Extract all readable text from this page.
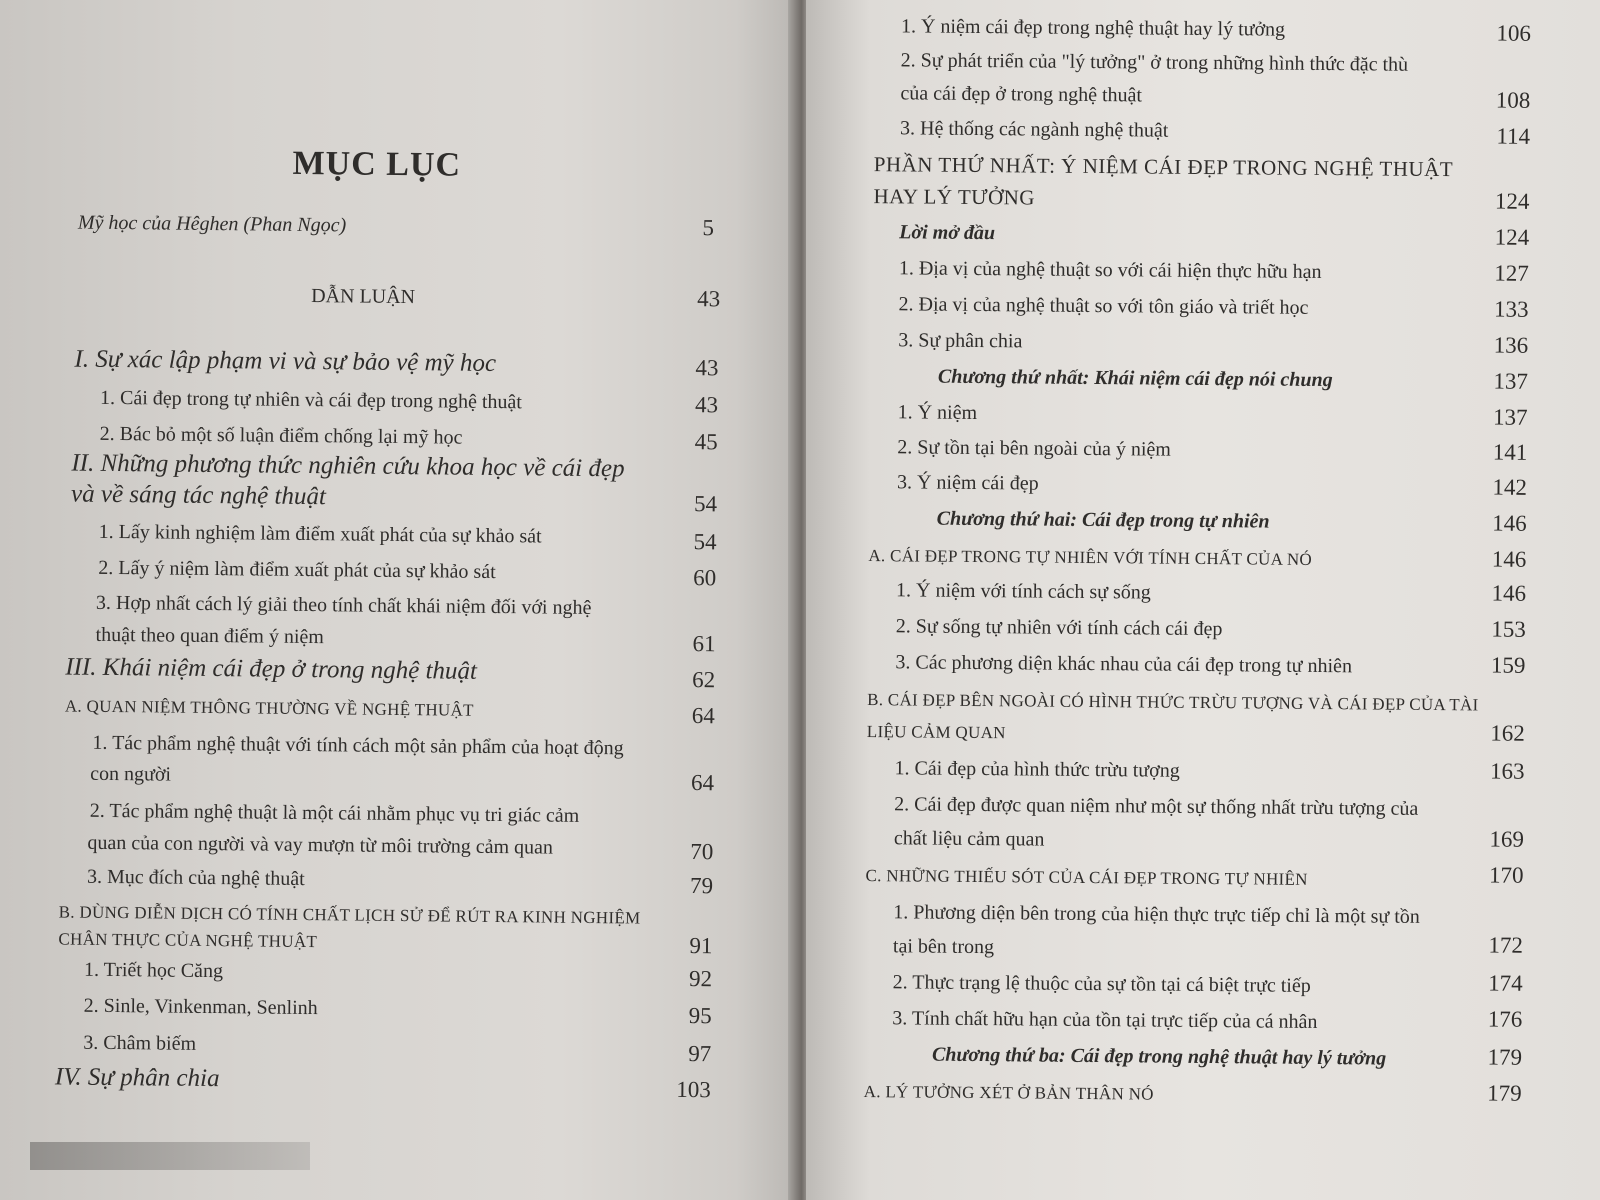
MỤC LỤC
Mỹ học của Hêghen (Phan Ngọc)	5
DẪN LUẬN	43
I. Sự xác lập phạm vi và sự bảo vệ mỹ học	43
1. Cái đẹp trong tự nhiên và cái đẹp trong nghệ thuật	43
2. Bác bỏ một số luận điểm chống lại mỹ học	45
II. Những phương thức nghiên cứu khoa học về cái đẹp
và về sáng tác nghệ thuật	54
1. Lấy kinh nghiệm làm điểm xuất phát của sự khảo sát	54
2. Lấy ý niệm làm điểm xuất phát của sự khảo sát	60
3. Hợp nhất cách lý giải theo tính chất khái niệm đối với nghệ
thuật theo quan điểm ý niệm	61
III. Khái niệm cái đẹp ở trong nghệ thuật	62
A. QUAN NIỆM THÔNG THƯỜNG VỀ NGHỆ THUẬT	64
1. Tác phẩm nghệ thuật với tính cách một sản phẩm của hoạt động
con người	64
2. Tác phẩm nghệ thuật là một cái nhằm phục vụ tri giác cảm
quan của con người và vay mượn từ môi trường cảm quan	70
3. Mục đích của nghệ thuật	79
B. DÙNG DIỄN DỊCH CÓ TÍNH CHẤT LỊCH SỬ ĐỂ RÚT RA KINH NGHIỆM
CHÂN THỰC CỦA NGHỆ THUẬT	91
1. Triết học Căng	92
2. Sinle, Vinkenman, Senlinh	95
3. Châm biếm	97
IV. Sự phân chia	103
1. Ý niệm cái đẹp trong nghệ thuật hay lý tưởng	106
2. Sự phát triển của "lý tưởng" ở trong những hình thức đặc thù
của cái đẹp ở trong nghệ thuật	108
3. Hệ thống các ngành nghệ thuật	114
PHẦN THỨ NHẤT: Ý NIỆM CÁI ĐẸP TRONG NGHỆ THUẬT
HAY LÝ TƯỞNG	124
Lời mở đầu	124
1. Địa vị của nghệ thuật so với cái hiện thực hữu hạn	127
2. Địa vị của nghệ thuật so với tôn giáo và triết học	133
3. Sự phân chia	136
Chương thứ nhất: Khái niệm cái đẹp nói chung	137
1. Ý niệm	137
2. Sự tồn tại bên ngoài của ý niệm	141
3. Ý niệm cái đẹp	142
Chương thứ hai: Cái đẹp trong tự nhiên	146
A. CÁI ĐẸP TRONG TỰ NHIÊN VỚI TÍNH CHẤT CỦA NÓ	146
1. Ý niệm với tính cách sự sống	146
2. Sự sống tự nhiên với tính cách cái đẹp	153
3. Các phương diện khác nhau của cái đẹp trong tự nhiên	159
B. CÁI ĐẸP BÊN NGOÀI CÓ HÌNH THỨC TRỪU TƯỢNG VÀ CÁI ĐẸP CỦA TÀI
LIỆU CẢM QUAN	162
1. Cái đẹp của hình thức trừu tượng	163
2. Cái đẹp được quan niệm như một sự thống nhất trừu tượng của
chất liệu cảm quan	169
C. NHỮNG THIẾU SÓT CỦA CÁI ĐẸP TRONG TỰ NHIÊN	170
1. Phương diện bên trong của hiện thực trực tiếp chỉ là một sự tồn
tại bên trong	172
2. Thực trạng lệ thuộc của sự tồn tại cá biệt trực tiếp	174
3. Tính chất hữu hạn của tồn tại trực tiếp của cá nhân	176
Chương thứ ba: Cái đẹp trong nghệ thuật hay lý tưởng	179
A. LÝ TƯỞNG XÉT Ở BẢN THÂN NÓ	179
